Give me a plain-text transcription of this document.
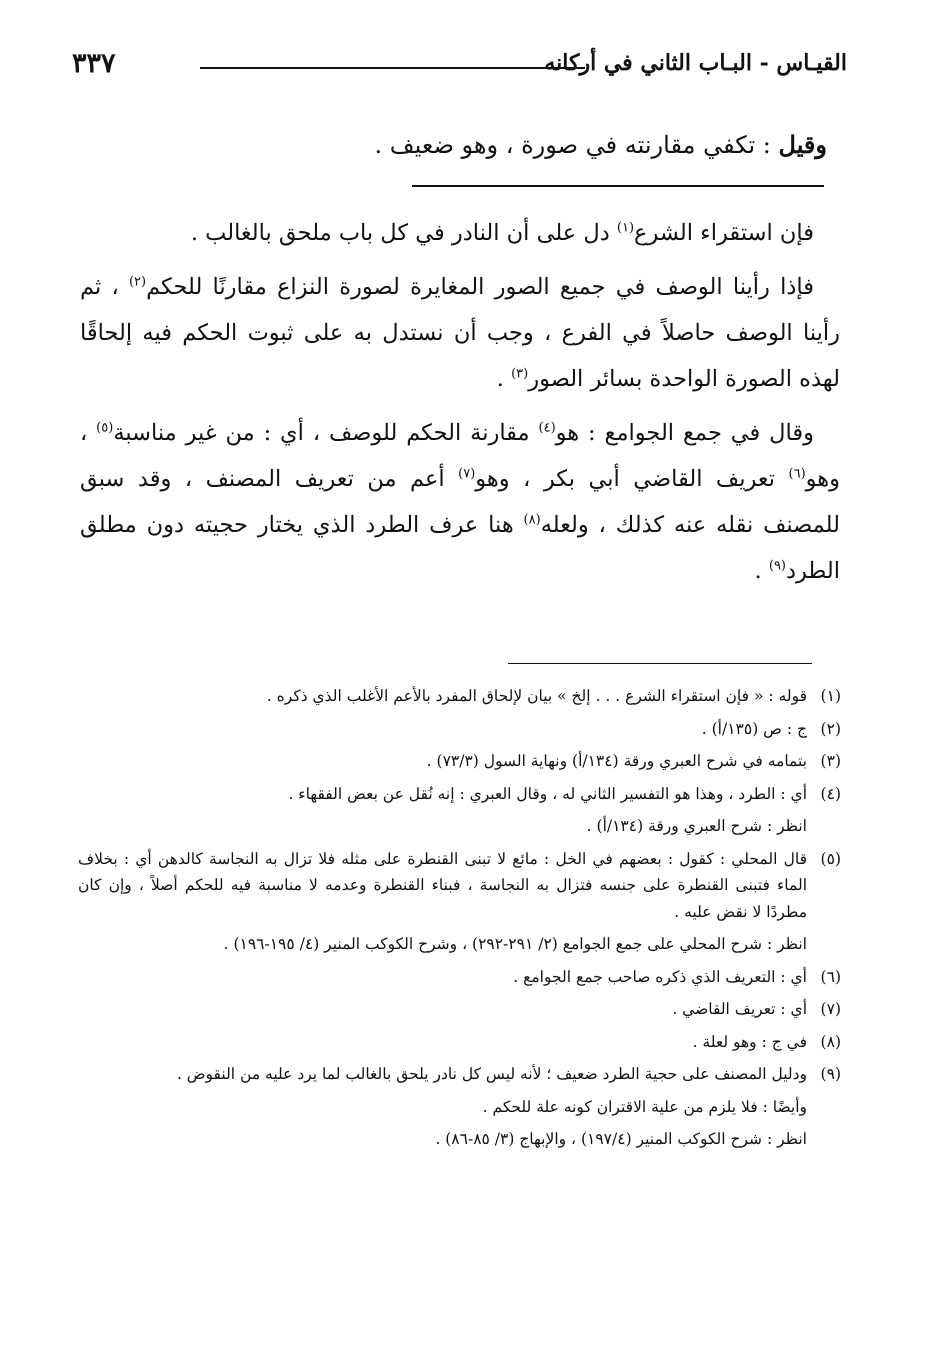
٣٣٧	القيـاس - البـاب الثاني في أركانه
وقيل : تكفي مقارنته في صورة ، وهو ضعيف .

فإن استقراء الشرع$^{(١)}$ دل على أن النادر في كل باب ملحق بالغالب .

فإذا رأينا الوصف في جميع الصور المغايرة لصورة النزاع مقارنًا للحكم$^{(٢)}$ ، ثم رأينا الوصف حاصلاً في الفرع ، وجب أن نستدل به على ثبوت الحكم فيه إلحاقًا لهذه الصورة الواحدة بسائر الصور$^{(٣)}$ .

وقال في جمع الجوامع : هو$^{(٤)}$ مقارنة الحكم للوصف ، أي : من غير مناسبة$^{(٥)}$ ، وهو$^{(٦)}$ تعريف القاضي أبي بكر ، وهو$^{(٧)}$ أعم من تعريف المصنف ، وقد سبق للمصنف نقله عنه كذلك ، ولعله$^{(٨)}$ هنا عرف الطرد الذي يختار حجيته دون مطلق الطرد$^{(٩)}$ .

(١)قوله : « فإن استقراء الشرع . . . إلخ » بيان لإلحاق المفرد بالأعم الأغلب الذي ذكره .
(٢)ج : ص (١٣٥/أ) .
(٣)بتمامه في شرح العبري ورقة (١٣٤/أ) ونهاية السول (٧٣/٣) .
(٤)أي : الطرد ، وهذا هو التفسير الثاني له ، وقال العبري : إنه نُقل عن بعض الفقهاء .
انظر : شرح العبري ورقة (١٣٤/أ) .
(٥)قال المحلي : كقول : بعضهم في الخل : مائع لا تبنى القنطرة على مثله فلا تزال به النجاسة كالدهن أي : بخلاف الماء فتبنى القنطرة على جنسه فتزال به النجاسة ، فبناء القنطرة وعدمه لا مناسبة فيه للحكم أصلاً ، وإن كان مطردًا لا نقض عليه .
انظر : شرح المحلي على جمع الجوامع (٢/ ٢٩١-٢٩٢) ، وشرح الكوكب المنير (٤/ ١٩٥-١٩٦) .
(٦)أي : التعريف الذي ذكره صاحب جمع الجوامع .
(٧)أي : تعريف القاضي .
(٨)في ج : وهو لعلة .
(٩)ودليل المصنف على حجية الطرد ضعيف ؛ لأنه ليس كل نادر يلحق بالغالب لما يرد عليه من النقوض .
وأيضًا : فلا يلزم من علية الاقتران كونه علة للحكم .
انظر : شرح الكوكب المنير (١٩٧/٤) ، والإبهاج (٣/ ٨٥-٨٦) .
